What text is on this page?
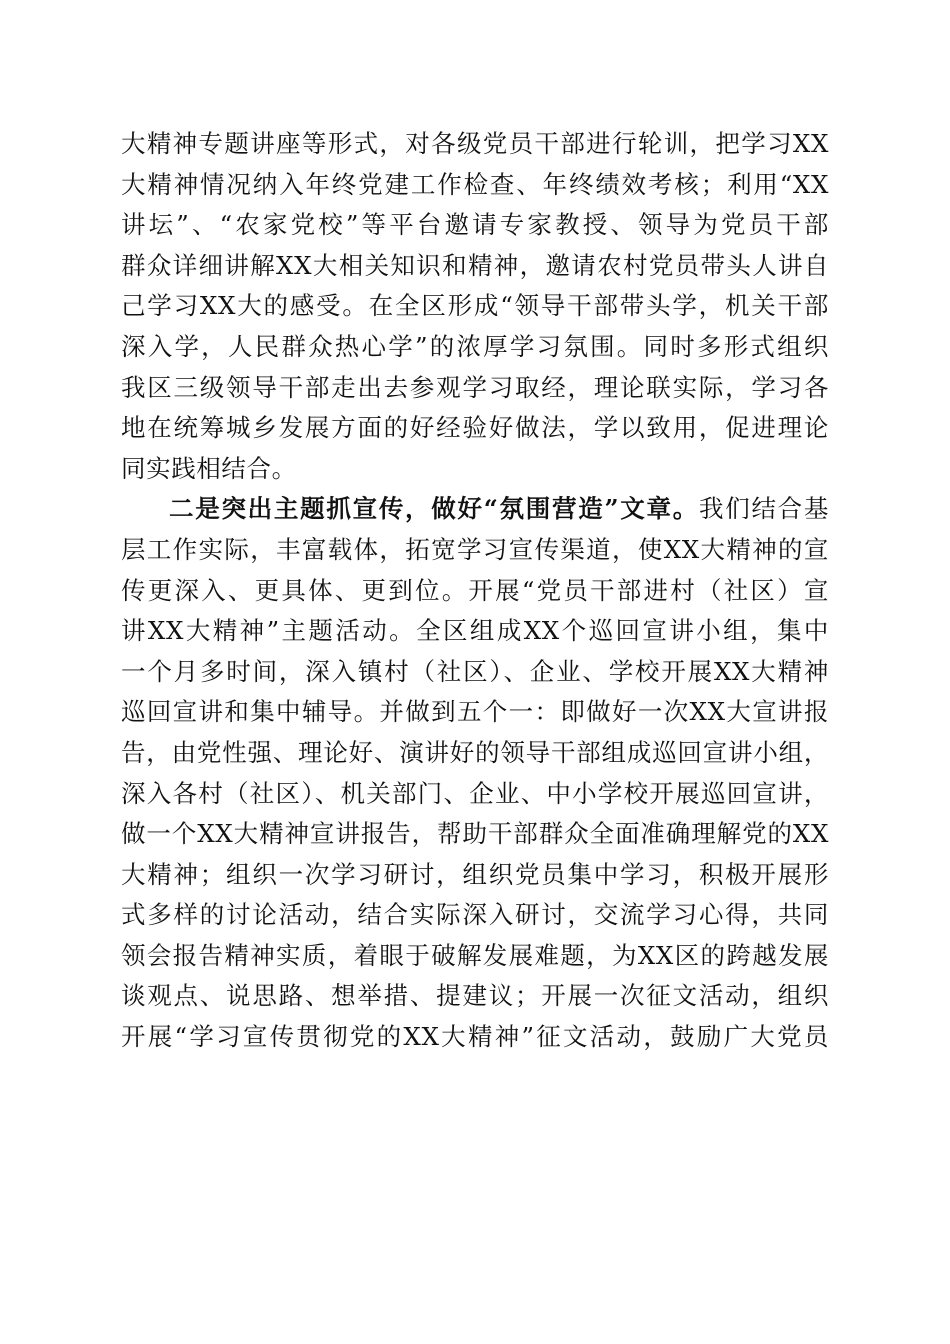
大精神专题讲座等形式，对各级党员干部进行轮训，把学习XX
大精神情况纳入年终党建工作检查、年终绩效考核；利用“XX
讲坛”、“农家党校”等平台邀请专家教授、领导为党员干部
群众详细讲解XX大相关知识和精神，邀请农村党员带头人讲自
己学习XX大的感受。在全区形成“领导干部带头学，机关干部
深入学，人民群众热心学”的浓厚学习氛围。同时多形式组织
我区三级领导干部走出去参观学习取经，理论联实际，学习各
地在统筹城乡发展方面的好经验好做法，学以致用，促进理论
同实践相结合。
二是突出主题抓宣传，做好“氛围营造”文章。我们结合基
层工作实际，丰富载体，拓宽学习宣传渠道，使XX大精神的宣
传更深入、更具体、更到位。开展“党员干部进村（社区）宣
讲XX大精神”主题活动。全区组成XX个巡回宣讲小组，集中
一个月多时间，深入镇村（社区）、企业、学校开展XX大精神
巡回宣讲和集中辅导。并做到五个一：即做好一次XX大宣讲报
告，由党性强、理论好、演讲好的领导干部组成巡回宣讲小组，
深入各村（社区）、机关部门、企业、中小学校开展巡回宣讲，
做一个XX大精神宣讲报告，帮助干部群众全面准确理解党的XX
大精神；组织一次学习研讨，组织党员集中学习，积极开展形
式多样的讨论活动，结合实际深入研讨，交流学习心得，共同
领会报告精神实质，着眼于破解发展难题，为XX区的跨越发展
谈观点、说思路、想举措、提建议；开展一次征文活动，组织
开展“学习宣传贯彻党的XX大精神”征文活动，鼓励广大党员
